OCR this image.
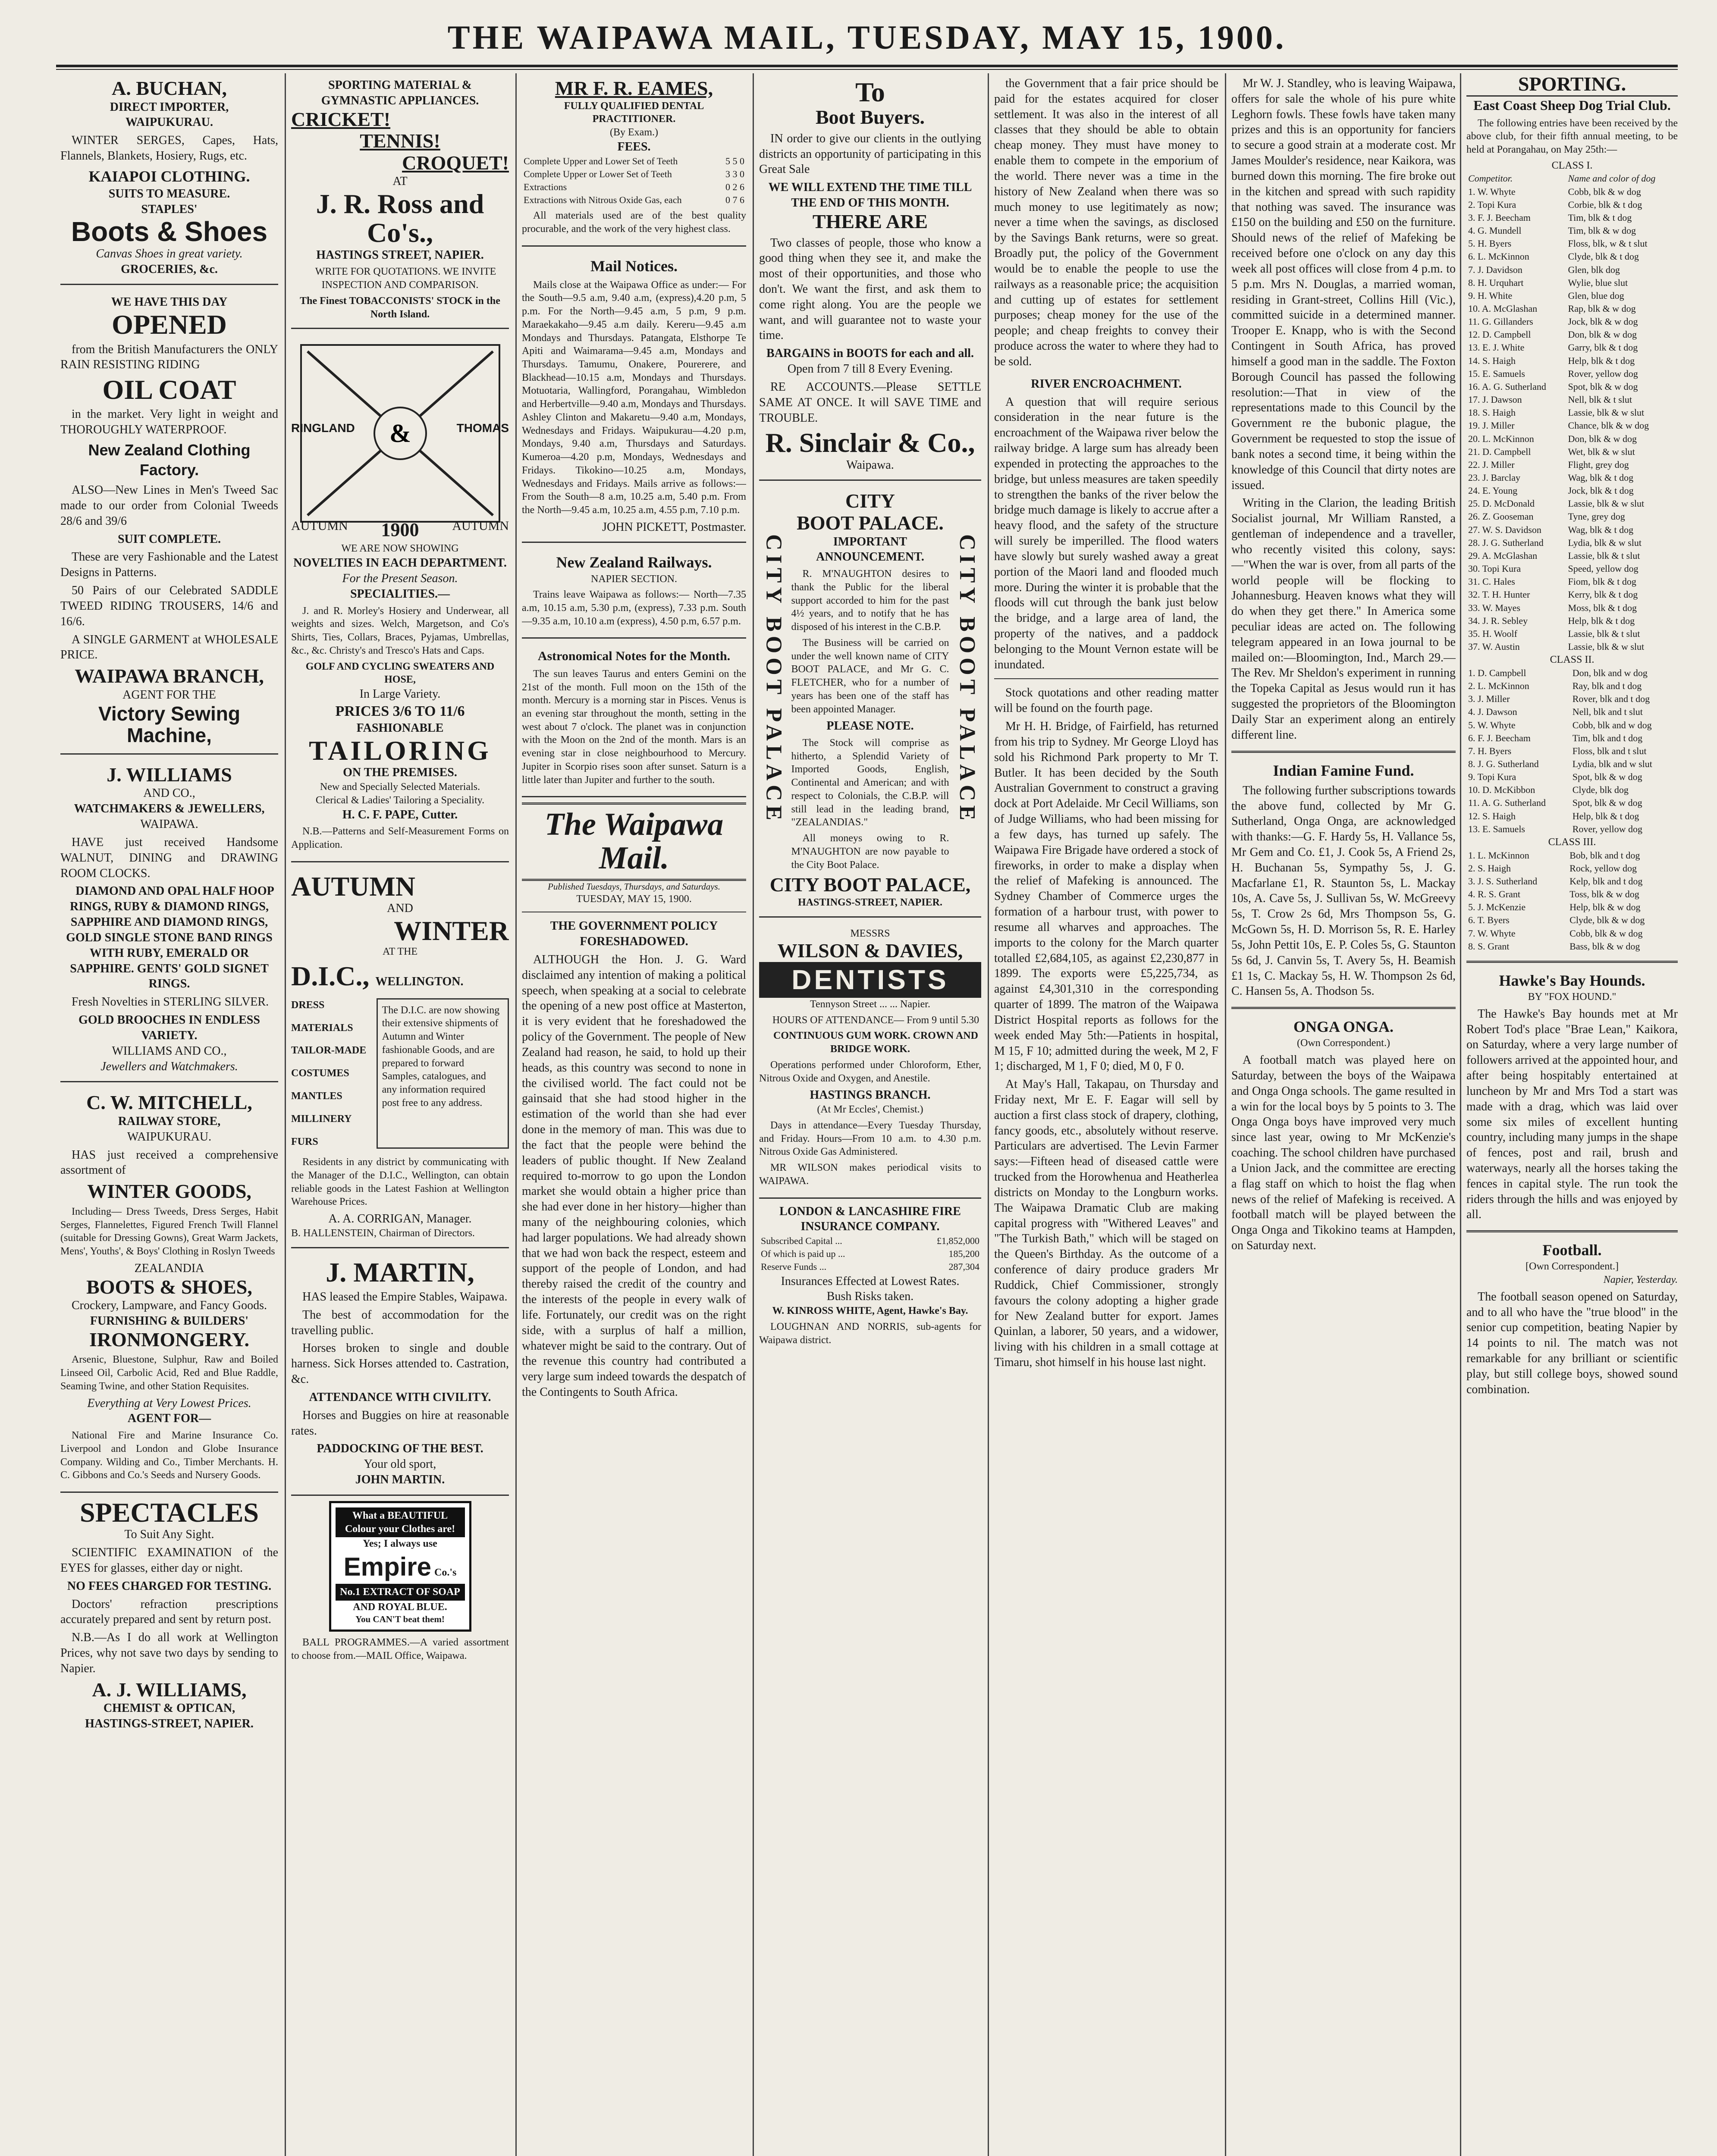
THE WAIPAWA MAIL, TUESDAY, MAY 15, 1900.
A. BUCHAN,
DIRECT IMPORTER,
WAIPUKURAU.

WINTER SERGES, Capes, Hats, Flannels, Blankets, Hosiery, Rugs, etc.

KAIAPOI CLOTHING.
SUITS TO MEASURE.
STAPLES'
Boots & Shoes
Canvas Shoes in great variety.
GROCERIES, &c.
WE HAVE THIS DAY
OPENED

from the British Manufacturers the ONLY RAIN RESISTING RIDING

OIL COAT

in the market. Very light in weight and THOROUGHLY WATERPROOF.

New Zealand Clothing Factory.

ALSO—New Lines in Men's Tweed Sac made to our order from Colonial Tweeds 28/6 and 39/6

SUIT COMPLETE.

These are very Fashionable and the Latest Designs in Patterns.

50 Pairs of our Celebrated SADDLE TWEED RIDING TROUSERS, 14/6 and 16/6.

A SINGLE GARMENT at WHOLESALE PRICE.

WAIPAWA BRANCH,
AGENT FOR THE
Victory Sewing Machine,
J. WILLIAMS
AND CO.,
WATCHMAKERS & JEWELLERS,
WAIPAWA.

HAVE just received Handsome WALNUT, DINING and DRAWING ROOM CLOCKS.

DIAMOND AND OPAL HALF HOOP RINGS, RUBY & DIAMOND RINGS, SAPPHIRE AND DIAMOND RINGS, GOLD SINGLE STONE BAND RINGS WITH RUBY, EMERALD OR SAPPHIRE. GENTS' GOLD SIGNET RINGS.

Fresh Novelties in STERLING SILVER.

GOLD BROOCHES IN ENDLESS VARIETY.
WILLIAMS AND CO.,
Jewellers and Watchmakers.
C. W. MITCHELL,
RAILWAY STORE,
WAIPUKURAU.

HAS just received a comprehensive assortment of

WINTER GOODS,

Including— Dress Tweeds, Dress Serges, Habit Serges, Flannelettes, Figured French Twill Flannel (suitable for Dressing Gowns), Great Warm Jackets, Mens', Youths', & Boys' Clothing in Roslyn Tweeds

ZEALANDIA
BOOTS & SHOES,
Crockery, Lampware, and Fancy Goods.
FURNISHING & BUILDERS'
IRONMONGERY.

Arsenic, Bluestone, Sulphur, Raw and Boiled Linseed Oil, Carbolic Acid, Red and Blue Raddle, Seaming Twine, and other Station Requisites.

Everything at Very Lowest Prices.
AGENT FOR—

National Fire and Marine Insurance Co. Liverpool and London and Globe Insurance Company. Wilding and Co., Timber Merchants. H. C. Gibbons and Co.'s Seeds and Nursery Goods.

SPECTACLES
To Suit Any Sight.

SCIENTIFIC EXAMINATION of the EYES for glasses, either day or night.

NO FEES CHARGED FOR TESTING.

Doctors' refraction prescriptions accurately prepared and sent by return post.

N.B.—As I do all work at Wellington Prices, why not save two days by sending to Napier.

A. J. WILLIAMS,
CHEMIST & OPTICAN,
HASTINGS-STREET, NAPIER.
SPORTING MATERIAL & GYMNASTIC APPLIANCES.
CRICKET!
TENNIS!
CROQUET!
AT
J. R. Ross and Co's.,
HASTINGS STREET, NAPIER.

WRITE FOR QUOTATIONS. WE INVITE INSPECTION AND COMPARISON.

The Finest TOBACCONISTS' STOCK in the North Island.
&
RINGLAND	THOMAS
AUTUMN 1900	AUTUMN
WE ARE NOW SHOWING
NOVELTIES IN EACH DEPARTMENT.
For the Present Season.
SPECIALITIES.—

J. and R. Morley's Hosiery and Underwear, all weights and sizes. Welch, Margetson, and Co's Shirts, Ties, Collars, Braces, Pyjamas, Umbrellas, &c., &c. Christy's and Tresco's Hats and Caps.

GOLF AND CYCLING SWEATERS AND HOSE,
In Large Variety.
PRICES 3/6 TO 11/6
FASHIONABLE
TAILORING
ON THE PREMISES.
New and Specially Selected Materials.
Clerical & Ladies' Tailoring a Speciality.
H. C. F. PAPE, Cutter.

N.B.—Patterns and Self-Measurement Forms on Application.

AUTUMN
AND
WINTER
AT THE
D.I.C., WELLINGTON.
DRESS MATERIALS TAILOR-MADE COSTUMES MANTLES MILLINERY FURS
The D.I.C. are now showing their extensive shipments of Autumn and Winter fashionable Goods, and are prepared to forward Samples, catalogues, and any information required post free to any address.

Residents in any district by communicating with the Manager of the D.I.C., Wellington, can obtain reliable goods in the Latest Fashion at Wellington Warehouse Prices.

A. A. CORRIGAN, Manager.
B. HALLENSTEIN, Chairman of Directors.
J. MARTIN,

HAS leased the Empire Stables, Waipawa.

The best of accommodation for the travelling public.

Horses broken to single and double harness. Sick Horses attended to. Castration, &c.

ATTENDANCE WITH CIVILITY.

Horses and Buggies on hire at reasonable rates.

PADDOCKING OF THE BEST.
Your old sport,
JOHN MARTIN.
What a BEAUTIFUL Colour your Clothes are!
Yes; I always use
Empire Co.'s
No.1 EXTRACT OF SOAP
AND ROYAL BLUE.
You CAN'T beat them!

BALL PROGRAMMES.—A varied assortment to choose from.—MAIL Office, Waipawa.

MR F. R. EAMES,
FULLY QUALIFIED DENTAL PRACTITIONER.
(By Exam.)
FEES.
Complete Upper and Lower Set of Teeth	5 5 0
Complete Upper or Lower Set of Teeth	3 3 0
Extractions	0 2 6
Extractions with Nitrous Oxide Gas, each	0 7 6

All materials used are of the best quality procurable, and the work of the very highest class.

Mail Notices.

Mails close at the Waipawa Office as under:— For the South—9.5 a.m, 9.40 a.m, (express),4.20 p.m, 5 p.m. For the North—9.45 a.m, 5 p.m, 9 p.m. Maraekakaho—9.45 a.m daily. Kereru—9.45 a.m Mondays and Thursdays. Patangata, Elsthorpe Te Apiti and Waimarama—9.45 a.m, Mondays and Thursdays. Tamumu, Onakere, Pourerere, and Blackhead—10.15 a.m, Mondays and Thursdays. Motuotaria, Wallingford, Porangahau, Wimbledon and Herbertville—9.40 a.m, Mondays and Thursdays. Ashley Clinton and Makaretu—9.40 a.m, Mondays, Wednesdays and Fridays. Waipukurau—4.20 p.m, Mondays, 9.40 a.m, Thursdays and Saturdays. Kumeroa—4.20 p.m, Mondays, Wednesdays and Fridays. Tikokino—10.25 a.m, Mondays, Wednesdays and Fridays. Mails arrive as follows:— From the South—8 a.m, 10.25 a.m, 5.40 p.m. From the North—9.45 a.m, 10.25 a.m, 4.55 p.m, 7.10 p.m.

JOHN PICKETT, Postmaster.
New Zealand Railways.
NAPIER SECTION.

Trains leave Waipawa as follows:— North—7.35 a.m, 10.15 a.m, 5.30 p.m, (express), 7.33 p.m. South—9.35 a.m, 10.10 a.m (express), 4.50 p.m, 6.57 p.m.

Astronomical Notes for the Month.

The sun leaves Taurus and enters Gemini on the 21st of the month. Full moon on the 15th of the month. Mercury is a morning star in Pisces. Venus is an evening star throughout the month, setting in the west about 7 o'clock. The planet was in conjunction with the Moon on the 2nd of the month. Mars is an evening star in close neighbourhood to Mercury. Jupiter in Scorpio rises soon after sunset. Saturn is a little later than Jupiter and further to the south.

The Waipawa Mail.
Published Tuesdays, Thursdays, and Saturdays.
TUESDAY, MAY 15, 1900.
THE GOVERNMENT POLICY FORESHADOWED.

ALTHOUGH the Hon. J. G. Ward disclaimed any intention of making a political speech, when speaking at a social to celebrate the opening of a new post office at Masterton, it is very evident that he foreshadowed the policy of the Government. The people of New Zealand had reason, he said, to hold up their heads, as this country was second to none in the civilised world. The fact could not be gainsaid that she had stood higher in the estimation of the world than she had ever done in the memory of man. This was due to the fact that the people were behind the leaders of public thought. If New Zealand required to-morrow to go upon the London market she would obtain a higher price than she had ever done in her history—higher than many of the neighbouring colonies, which had larger populations. We had already shown that we had won back the respect, esteem and support of the people of London, and had thereby raised the credit of the country and the interests of the people in every walk of life. Fortunately, our credit was on the right side, with a surplus of half a million, whatever might be said to the contrary. Out of the revenue this country had contributed a very large sum indeed towards the despatch of the Contingents to South Africa.

To
Boot Buyers.

IN order to give our clients in the outlying districts an opportunity of participating in this Great Sale

WE WILL EXTEND THE TIME TILL THE END OF THIS MONTH.
THERE ARE

Two classes of people, those who know a good thing when they see it, and make the most of their opportunities, and those who don't. We want the first, and ask them to come right along. You are the people we want, and will guarantee not to waste your time.

BARGAINS in BOOTS for each and all.
Open from 7 till 8 Every Evening.

RE ACCOUNTS.—Please SETTLE SAME AT ONCE. It will SAVE TIME and TROUBLE.

R. Sinclair & Co.,
Waipawa.
CITY
BOOT PALACE.
CITY BOOT PALACE	IMPORTANT ANNOUNCEMENT.

R. M'NAUGHTON desires to thank the Public for the liberal support accorded to him for the past 4½ years, and to notify that he has disposed of his interest in the C.B.P.

The Business will be carried on under the well known name of CITY BOOT PALACE, and Mr G. C. FLETCHER, who for a number of years has been one of the staff has been appointed Manager.

PLEASE NOTE.

The Stock will comprise as hitherto, a Splendid Variety of Imported Goods, English, Continental and American; and with respect to Colonials, the C.B.P. will still lead in the leading brand, "ZEALANDIAS."

All moneys owing to R. M'NAUGHTON are now payable to the City Boot Palace.

CITY BOOT PALACE
CITY BOOT PALACE,
HASTINGS-STREET, NAPIER.
MESSRS
WILSON & DAVIES,
DENTISTS
Tennyson Street ... ... Napier.

HOURS OF ATTENDANCE— From 9 until 5.30

CONTINUOUS GUM WORK. CROWN AND BRIDGE WORK.

Operations performed under Chloroform, Ether, Nitrous Oxide and Oxygen, and Anestile.

HASTINGS BRANCH.
(At Mr Eccles', Chemist.)

Days in attendance—Every Tuesday Thursday, and Friday. Hours—From 10 a.m. to 4.30 p.m. Nitrous Oxide Gas Administered.

MR WILSON makes periodical visits to WAIPAWA.

LONDON & LANCASHIRE FIRE INSURANCE COMPANY.
Subscribed Capital ...	£1,852,000
Of which is paid up ...	185,200
Reserve Funds ...	287,304
Insurances Effected at Lowest Rates.
Bush Risks taken.
W. KINROSS WHITE, Agent, Hawke's Bay.

LOUGHNAN AND NORRIS, sub-agents for Waipawa district.

the Government that a fair price should be paid for the estates acquired for closer settlement. It was also in the interest of all classes that they should be able to obtain cheap money. They must have money to enable them to compete in the emporium of the world. There never was a time in the history of New Zealand when there was so much money to use legitimately as now; never a time when the savings, as disclosed by the Savings Bank returns, were so great. Broadly put, the policy of the Government would be to enable the people to use the railways as a reasonable price; the acquisition and cutting up of estates for settlement purposes; cheap money for the use of the people; and cheap freights to convey their produce across the water to where they had to be sold.

RIVER ENCROACHMENT.

A question that will require serious consideration in the near future is the encroachment of the Waipawa river below the railway bridge. A large sum has already been expended in protecting the approaches to the bridge, but unless measures are taken speedily to strengthen the banks of the river below the bridge much damage is likely to accrue after a heavy flood, and the safety of the structure will surely be imperilled. The flood waters have slowly but surely washed away a great portion of the Maori land and flooded much more. During the winter it is probable that the floods will cut through the bank just below the bridge, and a large area of land, the property of the natives, and a paddock belonging to the Mount Vernon estate will be inundated.

Stock quotations and other reading matter will be found on the fourth page.

Mr H. H. Bridge, of Fairfield, has returned from his trip to Sydney. Mr George Lloyd has sold his Richmond Park property to Mr T. Butler. It has been decided by the South Australian Government to construct a graving dock at Port Adelaide. Mr Cecil Williams, son of Judge Williams, who had been missing for a few days, has turned up safely. The Waipawa Fire Brigade have ordered a stock of fireworks, in order to make a display when the relief of Mafeking is announced. The Sydney Chamber of Commerce urges the formation of a harbour trust, with power to resume all wharves and approaches. The imports to the colony for the March quarter totalled £2,684,105, as against £2,230,877 in 1899. The exports were £5,225,734, as against £4,301,310 in the corresponding quarter of 1899. The matron of the Waipawa District Hospital reports as follows for the week ended May 5th:—Patients in hospital, M 15, F 10; admitted during the week, M 2, F 1; discharged, M 1, F 0; died, M 0, F 0.

At May's Hall, Takapau, on Thursday and Friday next, Mr E. F. Eagar will sell by auction a first class stock of drapery, clothing, fancy goods, etc., absolutely without reserve. Particulars are advertised. The Levin Farmer says:—Fifteen head of diseased cattle were trucked from the Horowhenua and Heatherlea districts on Monday to the Longburn works. The Waipawa Dramatic Club are making capital progress with "Withered Leaves" and "The Turkish Bath," which will be staged on the Queen's Birthday. As the outcome of a conference of dairy produce graders Mr Ruddick, Chief Commissioner, strongly favours the colony adopting a higher grade for New Zealand butter for export. James Quinlan, a laborer, 50 years, and a widower, living with his children in a small cottage at Timaru, shot himself in his house last night.

Mr W. J. Standley, who is leaving Waipawa, offers for sale the whole of his pure white Leghorn fowls. These fowls have taken many prizes and this is an opportunity for fanciers to secure a good strain at a moderate cost. Mr James Moulder's residence, near Kaikora, was burned down this morning. The fire broke out in the kitchen and spread with such rapidity that nothing was saved. The insurance was £150 on the building and £50 on the furniture. Should news of the relief of Mafeking be received before one o'clock on any day this week all post offices will close from 4 p.m. to 5 p.m. Mrs N. Douglas, a married woman, residing in Grant-street, Collins Hill (Vic.), committed suicide in a determined manner. Trooper E. Knapp, who is with the Second Contingent in South Africa, has proved himself a good man in the saddle. The Foxton Borough Council has passed the following resolution:—That in view of the representations made to this Council by the Government re the bubonic plague, the Government be requested to stop the issue of bank notes a second time, it being within the knowledge of this Council that dirty notes are issued.

Writing in the Clarion, the leading British Socialist journal, Mr William Ransted, a gentleman of independence and a traveller, who recently visited this colony, says:—"When the war is over, from all parts of the world people will be flocking to Johannesburg. Heaven knows what they will do when they get there." In America some peculiar ideas are acted on. The following telegram appeared in an Iowa journal to be mailed on:—Bloomington, Ind., March 29.—The Rev. Mr Sheldon's experiment in running the Topeka Capital as Jesus would run it has suggested the proprietors of the Bloomington Daily Star an experiment along an entirely different line.

Indian Famine Fund.

The following further subscriptions towards the above fund, collected by Mr G. Sutherland, Onga Onga, are acknowledged with thanks:—G. F. Hardy 5s, H. Vallance 5s, Mr Gem and Co. £1, J. Cook 5s, A Friend 2s, H. Buchanan 5s, Sympathy 5s, J. G. Macfarlane £1, R. Staunton 5s, L. Mackay 10s, A. Cave 5s, J. Sullivan 5s, W. McGreevy 5s, T. Crow 2s 6d, Mrs Thompson 5s, G. McGown 5s, H. D. Morrison 5s, R. E. Harley 5s, John Pettit 10s, E. P. Coles 5s, G. Staunton 5s 6d, J. Canvin 5s, T. Avery 5s, H. Beamish £1 1s, C. Mackay 5s, H. W. Thompson 2s 6d, C. Hansen 5s, A. Thodson 5s.

ONGA ONGA.
(Own Correspondent.)

A football match was played here on Saturday, between the boys of the Waipawa and Onga Onga schools. The game resulted in a win for the local boys by 5 points to 3. The Onga Onga boys have improved very much since last year, owing to Mr McKenzie's coaching. The school children have purchased a Union Jack, and the committee are erecting a flag staff on which to hoist the flag when news of the relief of Mafeking is received. A football match will be played between the Onga Onga and Tikokino teams at Hampden, on Saturday next.

SPORTING.
East Coast Sheep Dog Trial Club.

The following entries have been received by the above club, for their fifth annual meeting, to be held at Porangahau, on May 25th:—

CLASS I.
Competitor.	Name and color of dog
1. W. Whyte	Cobb, blk & w dog
2. Topi Kura	Corbie, blk & t dog
3. F. J. Beecham	Tim, blk & t dog
4. G. Mundell	Tim, blk & w dog
5. H. Byers	Floss, blk, w & t slut
6. L. McKinnon	Clyde, blk & t dog
7. J. Davidson	Glen, blk dog
8. H. Urquhart	Wylie, blue slut
9. H. White	Glen, blue dog
10. A. McGlashan	Rap, blk & w dog
11. G. Gillanders	Jock, blk & w dog
12. D. Campbell	Don, blk & w dog
13. E. J. White	Garry, blk & t dog
14. S. Haigh	Help, blk & t dog
15. E. Samuels	Rover, yellow dog
16. A. G. Sutherland	Spot, blk & w dog
17. J. Dawson	Nell, blk & t slut
18. S. Haigh	Lassie, blk & w slut
19. J. Miller	Chance, blk & w dog
20. L. McKinnon	Don, blk & w dog
21. D. Campbell	Wet, blk & w slut
22. J. Miller	Flight, grey dog
23. J. Barclay	Wag, blk & t dog
24. E. Young	Jock, blk & t dog
25. D. McDonald	Lassie, blk & w slut
26. Z. Gooseman	Tyne, grey dog
27. W. S. Davidson	Wag, blk & t dog
28. J. G. Sutherland	Lydia, blk & w slut
29. A. McGlashan	Lassie, blk & t slut
30. Topi Kura	Speed, yellow dog
31. C. Hales	Fiom, blk & t dog
32. T. H. Hunter	Kerry, blk & t dog
33. W. Mayes	Moss, blk & t dog
34. J. R. Sebley	Help, blk & t dog
35. H. Woolf	Lassie, blk & t slut
37. W. Austin	Lassie, blk & w slut
CLASS II.
1. D. Campbell	Don, blk and w dog
2. L. McKinnon	Ray, blk and t dog
3. J. Miller	Rover, blk and t dog
4. J. Dawson	Nell, blk and t slut
5. W. Whyte	Cobb, blk and w dog
6. F. J. Beecham	Tim, blk and t dog
7. H. Byers	Floss, blk and t slut
8. J. G. Sutherland	Lydia, blk and w slut
9. Topi Kura	Spot, blk & w dog
10. D. McKibbon	Clyde, blk dog
11. A. G. Sutherland	Spot, blk & w dog
12. S. Haigh	Help, blk & t dog
13. E. Samuels	Rover, yellow dog
CLASS III.
1. L. McKinnon	Bob, blk and t dog
2. S. Haigh	Rock, yellow dog
3. J. S. Sutherland	Kelp, blk and t dog
4. R. S. Grant	Toss, blk & w dog
5. J. McKenzie	Help, blk & w dog
6. T. Byers	Clyde, blk & w dog
7. W. Whyte	Cobb, blk & w dog
8. S. Grant	Bass, blk & w dog
Hawke's Bay Hounds.
BY "FOX HOUND."

The Hawke's Bay hounds met at Mr Robert Tod's place "Brae Lean," Kaikora, on Saturday, where a very large number of followers arrived at the appointed hour, and after being hospitably entertained at luncheon by Mr and Mrs Tod a start was made with a drag, which was laid over some six miles of excellent hunting country, including many jumps in the shape of fences, post and rail, brush and waterways, nearly all the horses taking the fences in capital style. The run took the riders through the hills and was enjoyed by all.

Football.
[Own Correspondent.]
Napier, Yesterday.

The football season opened on Saturday, and to all who have the "true blood" in the senior cup competition, beating Napier by 14 points to nil. The match was not remarkable for any brilliant or scientific play, but still college boys, showed sound combination.
